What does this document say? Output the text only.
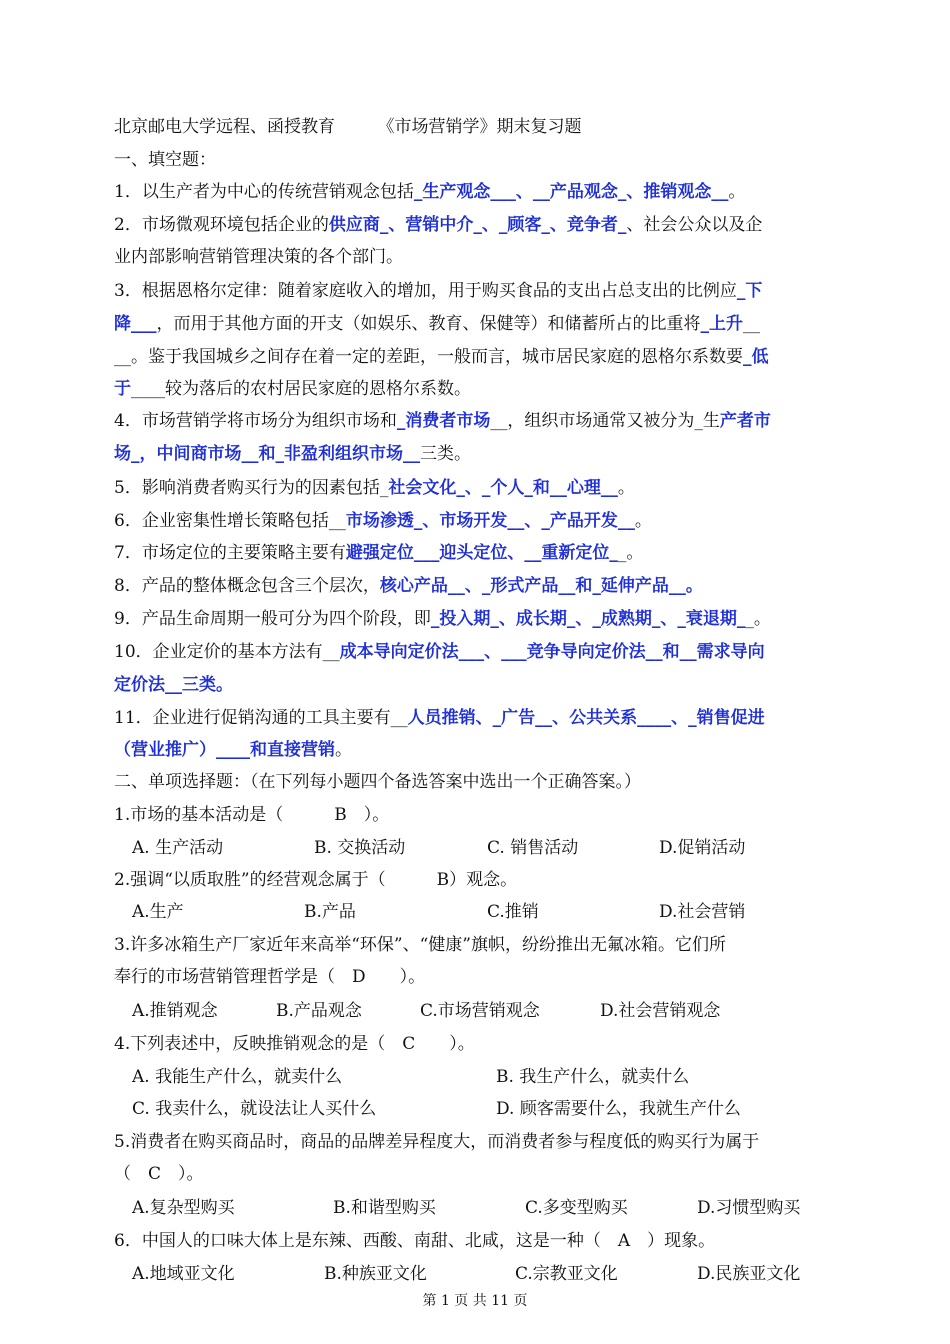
北京邮电大学远程、函授教育　　　《市场营销学》期末复习题
一、填空题：
1．以生产者为中心的传统营销观念包括_生产观念___、__产品观念_、推销观念__。
2．市场微观环境包括企业的供应商_、营销中介_、_顾客_、竞争者_、社会公众以及企
业内部影响营销管理决策的各个部门。
3．根据恩格尔定律：随着家庭收入的增加，用于购买食品的支出占总支出的比例应_下
降___，而用于其他方面的开支（如娱乐、教育、保健等）和储蓄所占的比重将_上升__
__。鉴于我国城乡之间存在着一定的差距，一般而言，城市居民家庭的恩格尔系数要_低
于____较为落后的农村居民家庭的恩格尔系数。
4．市场营销学将市场分为组织市场和_消费者市场__，组织市场通常又被分为_生产者市
场_，中间商市场__和_非盈利组织市场__三类。
5．影响消费者购买行为的因素包括_社会文化_、_个人_和__心理__。
6．企业密集性增长策略包括__市场渗透_、市场开发__、_产品开发__。
7．市场定位的主要策略主要有避强定位___迎头定位、__重新定位__。
8．产品的整体概念包含三个层次，核心产品__、_形式产品__和_延伸产品__。
9．产品生命周期一般可分为四个阶段，即_投入期_、成长期_、_成熟期_、_衰退期__。
10．企业定价的基本方法有__成本导向定价法___、___竞争导向定价法__和__需求导向
定价法__三类。
11．企业进行促销沟通的工具主要有__人员推销、_广告__、公共关系____、_销售促进
（营业推广）____和直接营销。
二、单项选择题：（在下列每小题四个备选答案中选出一个正确答案。）
1.市场的基本活动是（　　　B　）。
A. 生产活动	B. 交换活动	C. 销售活动	D.促销活动
2.强调“以质取胜”的经营观念属于（　　　B）观念。
A.生产	B.产品	C.推销	D.社会营销
3.许多冰箱生产厂家近年来高举“环保”、“健康”旗帜，纷纷推出无氟冰箱。它们所
奉行的市场营销管理哲学是（　D　　）。
A.推销观念	B.产品观念	C.市场营销观念	D.社会营销观念
4.下列表述中，反映推销观念的是（　C　　）。
A. 我能生产什么，就卖什么	B. 我生产什么，就卖什么
C. 我卖什么，就设法让人买什么	D. 顾客需要什么，我就生产什么
5.消费者在购买商品时，商品的品牌差异程度大，而消费者参与程度低的购买行为属于
（　C　）。
A.复杂型购买	B.和谐型购买	C.多变型购买	D.习惯型购买
6．中国人的口味大体上是东辣、西酸、南甜、北咸，这是一种（　A　）现象。
A.地域亚文化	B.种族亚文化	C.宗教亚文化	D.民族亚文化
第 1 页 共 11 页
